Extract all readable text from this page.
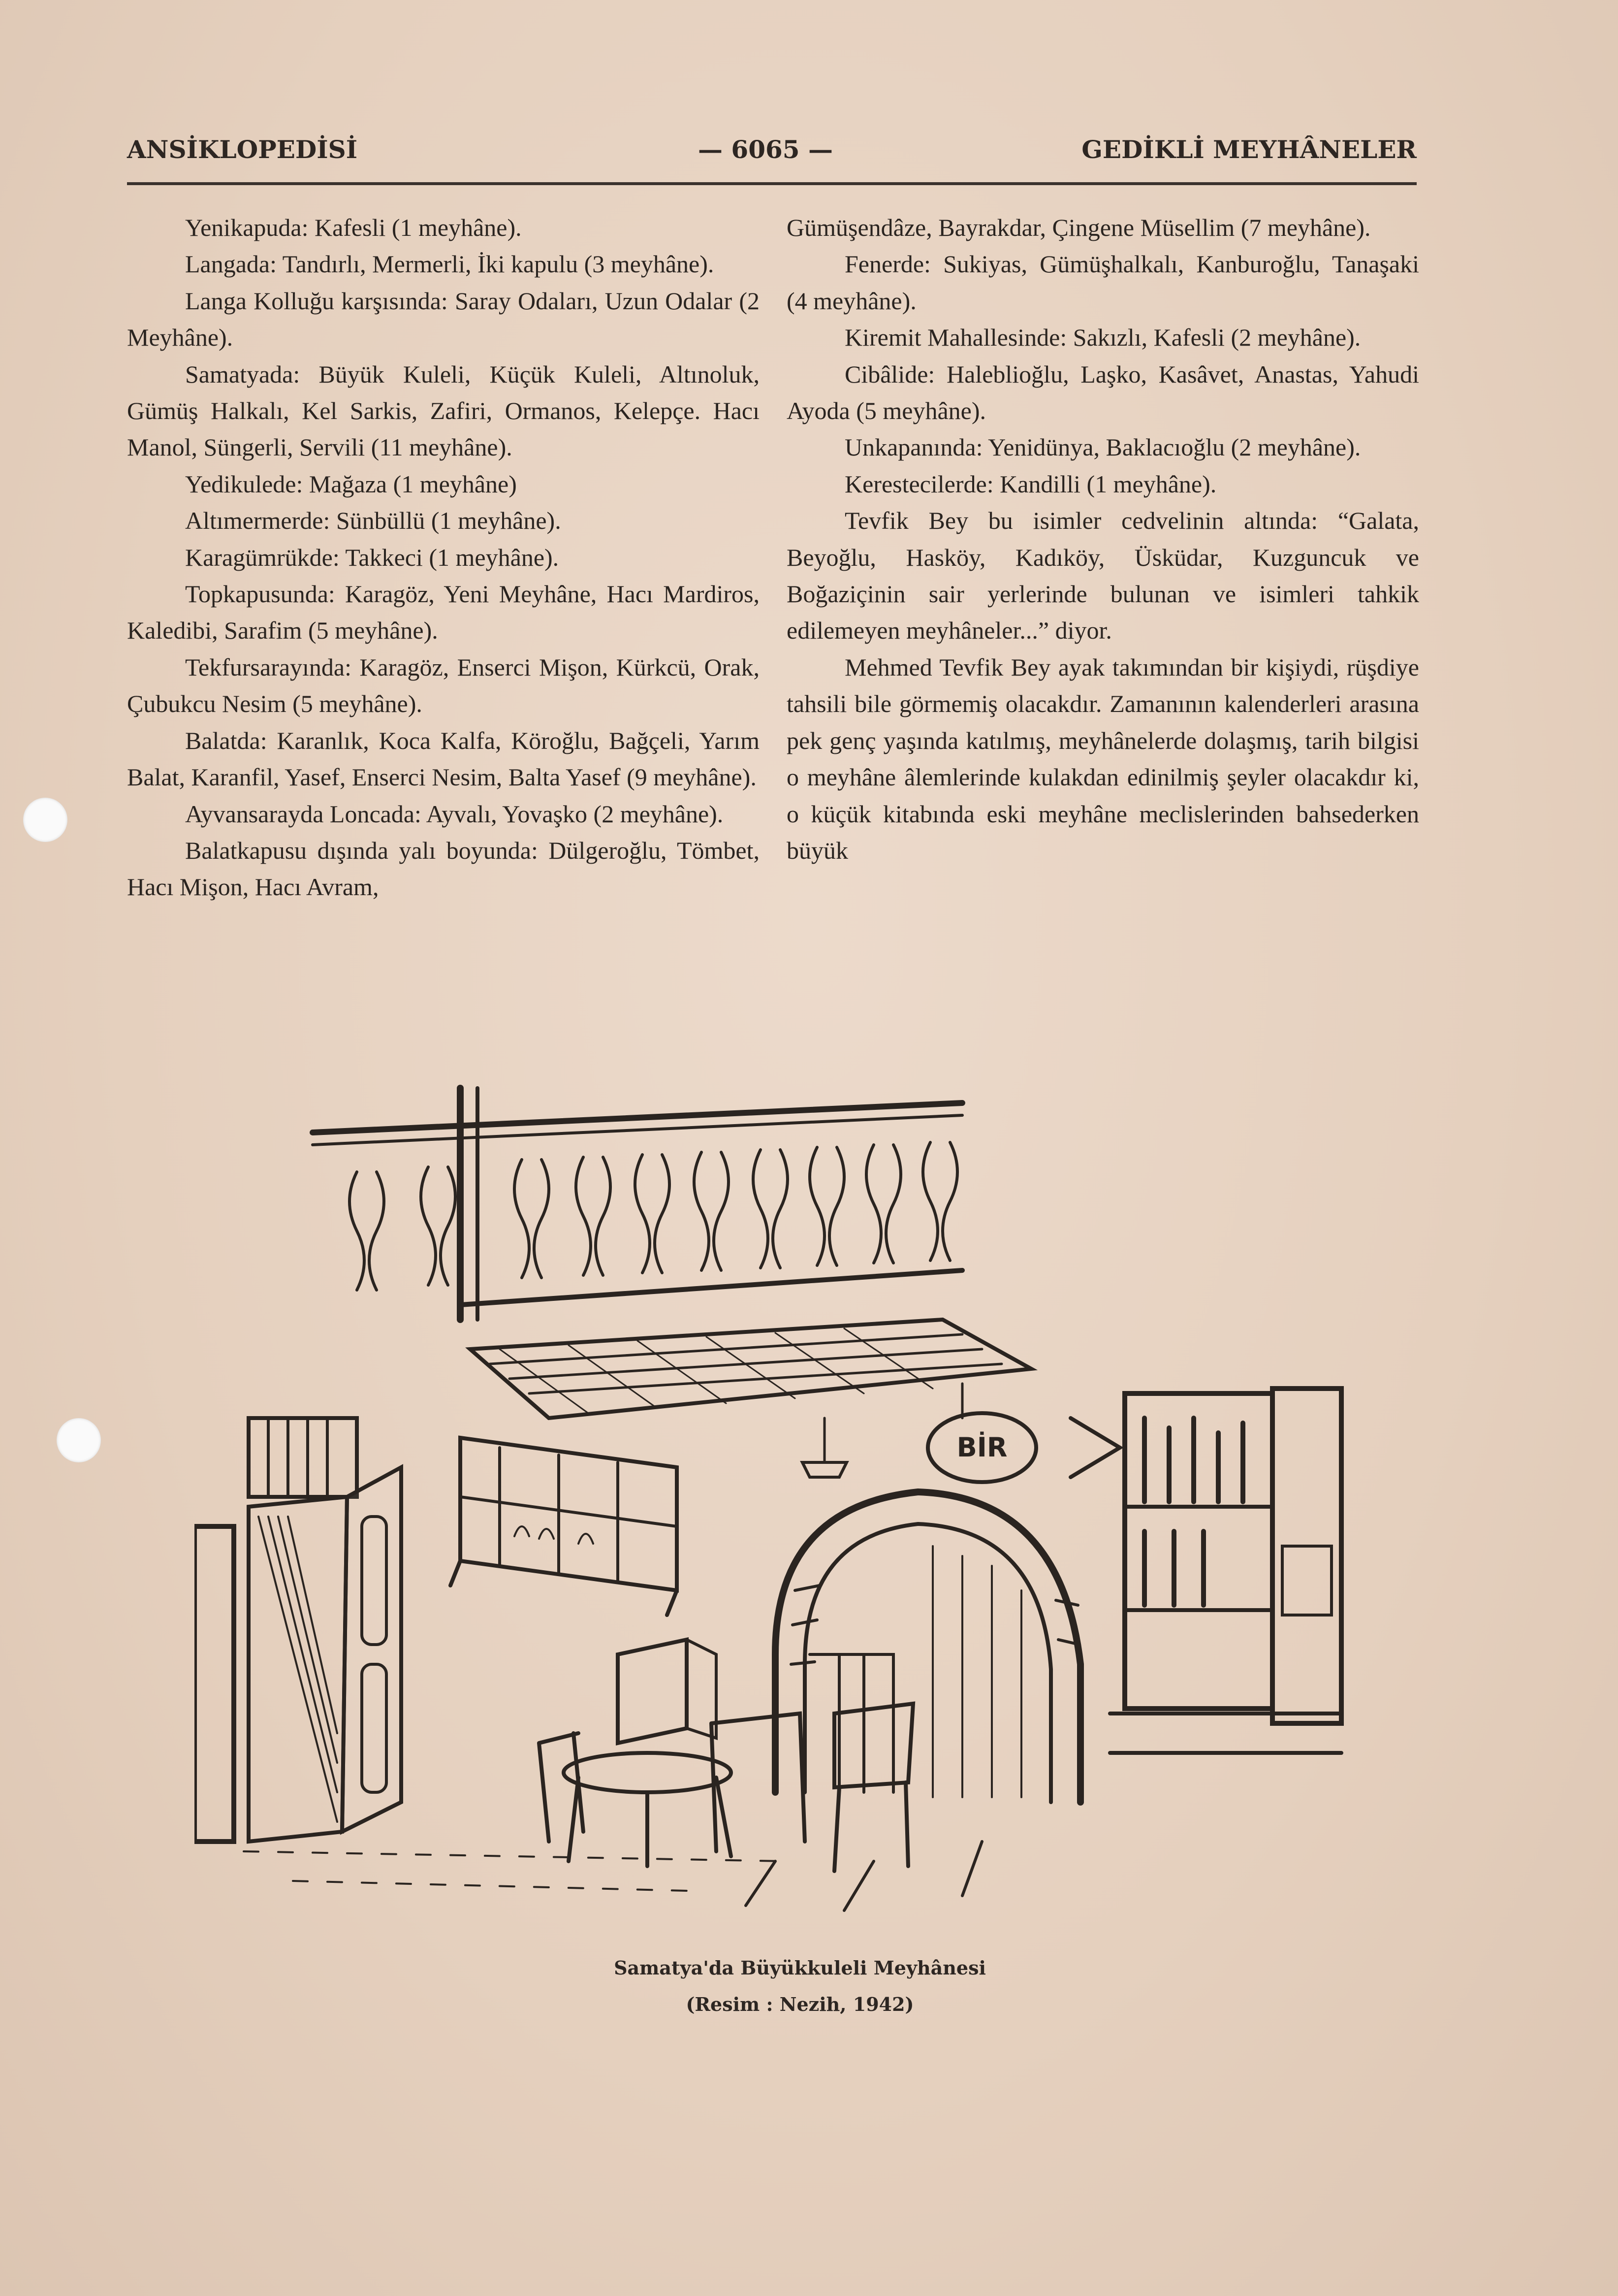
ANSİKLOPEDİSİ	— 6065 —	GEDİKLİ MEYHÂNELER

Yenikapuda: Kafesli (1 meyhâne).

Langada: Tandırlı, Mermerli, İki kapulu (3 meyhâne).

Langa Kolluğu karşısında: Saray Odaları, Uzun Odalar (2 Meyhâne).

Samatyada: Büyük Kuleli, Küçük Kuleli, Altınoluk, Gümüş Halkalı, Kel Sarkis, Zafiri, Ormanos, Kelepçe. Hacı Manol, Süngerli, Servili (11 meyhâne).

Yedikulede: Mağaza (1 meyhâne)

Altımermerde: Sünbüllü (1 meyhâne).

Karagümrükde: Takkeci (1 meyhâne).

Topkapusunda: Karagöz, Yeni Meyhâne, Hacı Mardiros, Kaledibi, Sarafim (5 meyhâne).

Tekfursarayında: Karagöz, Enserci Mişon, Kürkcü, Orak, Çubukcu Nesim (5 meyhâne).

Balatda: Karanlık, Koca Kalfa, Köroğlu, Bağçeli, Yarım Balat, Karanfil, Yasef, Enserci Nesim, Balta Yasef (9 meyhâne).

Ayvansarayda Loncada: Ayvalı, Yovaşko (2 meyhâne).

Balatkapusu dışında yalı boyunda: Dülgeroğlu, Tömbet, Hacı Mişon, Hacı Avram,

Gümüşendâze, Bayrakdar, Çingene Müsellim (7 meyhâne).

Fenerde: Sukiyas, Gümüşhalkalı, Kanburoğlu, Tanaşaki (4 meyhâne).

Kiremit Mahallesinde: Sakızlı, Kafesli (2 meyhâne).

Cibâlide: Haleblioğlu, Laşko, Kasâvet, Anastas, Yahudi Ayoda (5 meyhâne).

Unkapanında: Yenidünya, Baklacıoğlu (2 meyhâne).

Kerestecilerde: Kandilli (1 meyhâne).

Tevfik Bey bu isimler cedvelinin altında: “Galata, Beyoğlu, Hasköy, Kadıköy, Üsküdar, Kuzguncuk ve Boğaziçinin sair yerlerinde bulunan ve isimleri tahkik edilemeyen meyhâneler...” diyor.

Mehmed Tevfik Bey ayak takımından bir kişiydi, rüşdiye tahsili bile görmemiş olacakdır. Zamanının kalenderleri arasına pek genç yaşında katılmış, meyhânelerde dolaşmış, tarih bilgisi o meyhâne âlemlerinde kulakdan edinilmiş şeyler olacakdır ki, o küçük kitabında eski meyhâne meclislerinden bahsederken büyük

BİR
Samatya'da Büyükkuleli Meyhânesi
(Resim : Nezih, 1942)
